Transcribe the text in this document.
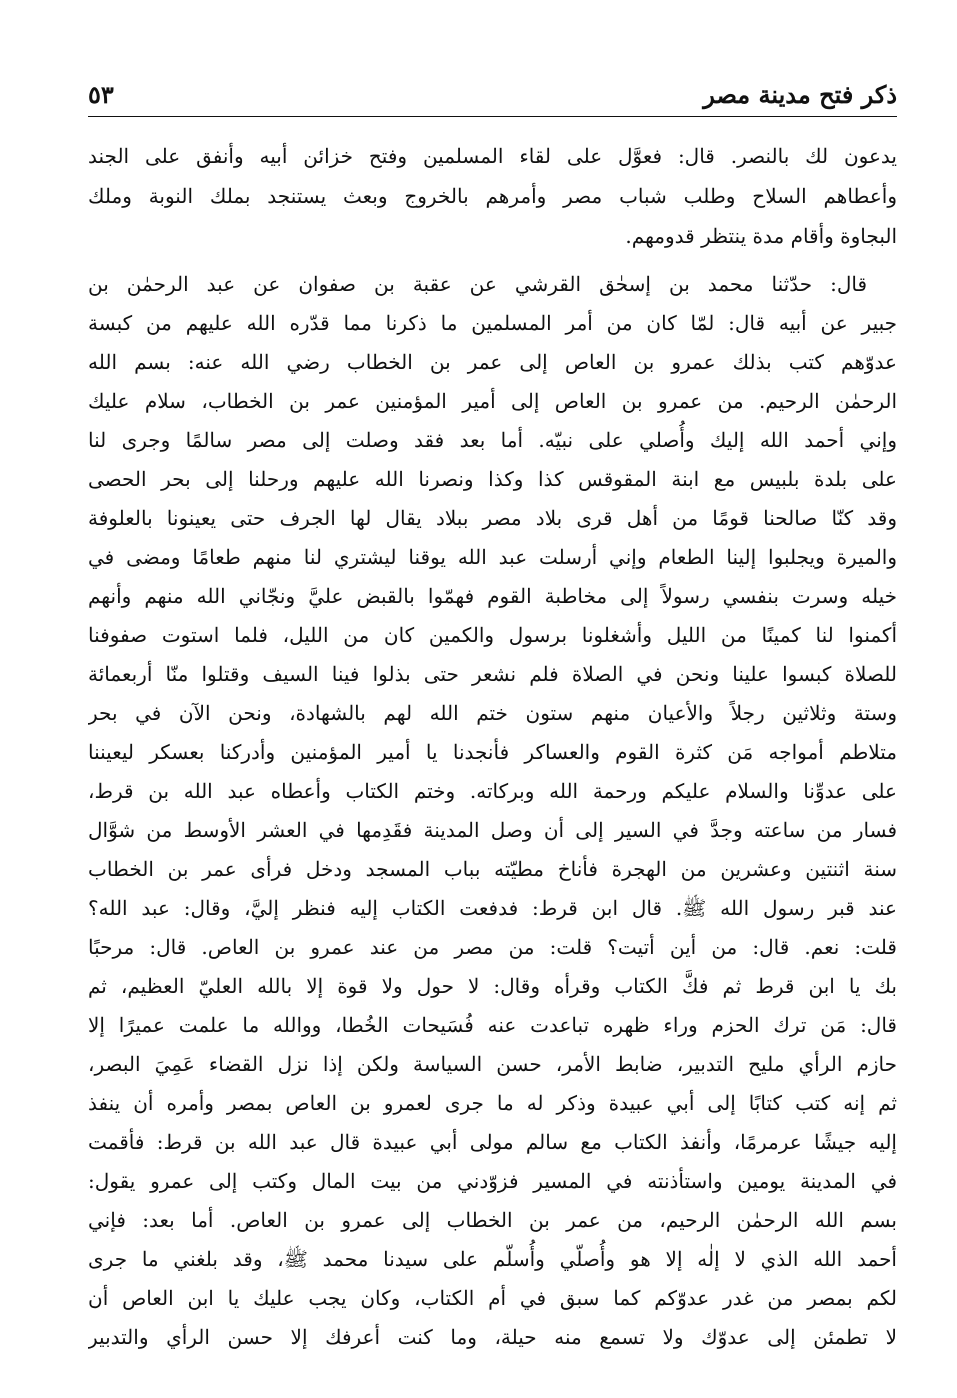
ذكر فتح مدينة مصر
٥٣
يدعون لك بالنصر. قال: فعوَّل على لقاء المسلمين وفتح خزائن أبيه وأنفق على الجند
وأعطاهم السلاح وطلب شباب مصر وأمرهم بالخروج وبعث يستنجد بملك النوبة وملك
البجاوة وأقام مدة ينتظر قدومهم.
قال: حدّثنا محمد بن إسحٰق القرشي عن عقبة بن صفوان عن عبد الرحمٰن بن
جبير عن أبيه قال: لمّا كان من أمر المسلمين ما ذكرنا مما قدّره الله عليهم من كبسة
عدوّهم كتب بذلك عمرو بن العاص إلى عمر بن الخطاب رضي الله عنه: بسم الله
الرحمٰن الرحيم. من عمرو بن العاص إلى أمير المؤمنين عمر بن الخطاب، سلام عليك
وإني أحمد الله إليك وأُصلي على نبيّه. أما بعد فقد وصلت إلى مصر سالمًا وجرى لنا
على بلدة بلبيس مع ابنة المقوقس كذا وكذا ونصرنا الله عليهم ورحلنا إلى بحر الحصى
وقد كنّا صالحنا قومًا من أهل قرى بلاد مصر ببلاد يقال لها الجرف حتى يعينونا بالعلوفة
والميرة ويجلبوا إلينا الطعام وإني أرسلت عبد الله يوقنا ليشتري لنا منهم طعامًا ومضى في
خيله وسرت بنفسي رسولاً إلى مخاطبة القوم فهمّوا بالقبض عليَّ ونجّاني الله منهم وأنهم
أكمنوا لنا كمينًا من الليل وأشغلونا برسول والكمين كان من الليل، فلما استوت صفوفنا
للصلاة كبسوا علينا ونحن في الصلاة فلم نشعر حتى بذلوا فينا السيف وقتلوا منّا أربعمائة
وستة وثلاثين رجلاً والأعيان منهم ستون ختم الله لهم بالشهادة، ونحن الآن في بحر
متلاطم أمواجه مَن كثرة القوم والعساكر فأنجدنا يا أمير المؤمنين وأدركنا بعسكر ليعيننا
على عدوِّنا والسلام عليكم ورحمة الله وبركاته. وختم الكتاب وأعطاه عبد الله بن قرط،
فسار من ساعته وجدَّ في السير إلى أن وصل المدينة فقَدِمها في العشر الأوسط من شوَّال
سنة اثنتين وعشرين من الهجرة فأناخ مطيّته بباب المسجد ودخل فرأى عمر بن الخطاب
عند قبر رسول الله ﷺ. قال ابن قرط: فدفعت الكتاب إليه فنظر إليَّ، وقال: عبد الله؟
قلت: نعم. قال: من أين أتيت؟ قلت: من مصر من عند عمرو بن العاص. قال: مرحبًا
بك يا ابن قرط ثم فكَّ الكتاب وقرأه وقال: لا حول ولا قوة إلا بالله العليّ العظيم، ثم
قال: مَن ترك الحزم وراء ظهره تباعدت عنه فُسَيحات الخُطا، ووالله ما علمت عميرًا إلا
حازم الرأي مليح التدبير، ضابط الأمر، حسن السياسة ولكن إذا نزل القضاء عَمِيَ البصر،
ثم إنه كتب كتابًا إلى أبي عبيدة وذكر له ما جرى لعمرو بن العاص بمصر وأمره أن ينفذ
إليه جيشًا عرمرمًا، وأنفذ الكتاب مع سالم مولى أبي عبيدة قال عبد الله بن قرط: فأقمت
في المدينة يومين واستأذنته في المسير فزوّدني من بيت المال وكتب إلى عمرو يقول:
بسم الله الرحمٰن الرحيم، من عمر بن الخطاب إلى عمرو بن العاص. أما بعد: فإني
أحمد الله الذي لا إلٰه إلا هو وأُصلّي وأُسلّم على سيدنا محمد ﷺ، وقد بلغني ما جرى
لكم بمصر من غدر عدوّكم كما سبق في أم الكتاب، وكان يجب عليك يا ابن العاص أن
لا تطمئن إلى عدوّك ولا تسمع منه حيلة، وما كنت أعرفك إلا حسن الرأي والتدبير
